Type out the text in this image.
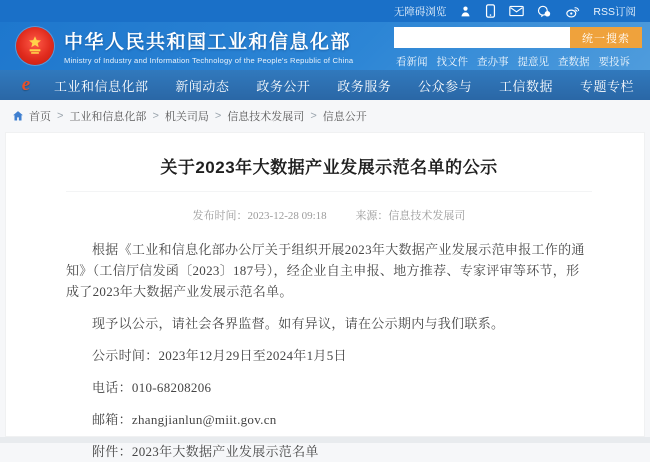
无障碍浏览	RSS订阅
中华人民共和国工业和信息化部
Ministry of Industry and Information Technology of the People's Republic of China
统一搜索
看新闻 找文件 查办事 提意见 查数据 要投诉
e	工业和信息化部 新闻动态 政务公开 政务服务 公众参与 工信数据 专题专栏
首页 > 工业和信息化部 > 机关司局 > 信息技术发展司 > 信息公开
关于2023年大数据产业发展示范名单的公示
发布时间：2023-12-28 09:18	来源：信息技术发展司

根据《工业和信息化部办公厅关于组织开展2023年大数据产业发展示范申报工作的通知》（工信厅信发函〔2023〕187号），经企业自主申报、地方推荐、专家评审等环节，形成了2023年大数据产业发展示范名单。

现予以公示，请社会各界监督。如有异议，请在公示期内与我们联系。

公示时间：2023年12月29日至2024年1月5日

电话：010-68208206

邮箱：zhangjianlun@miit.gov.cn

附件：2023年大数据产业发展示范名单
